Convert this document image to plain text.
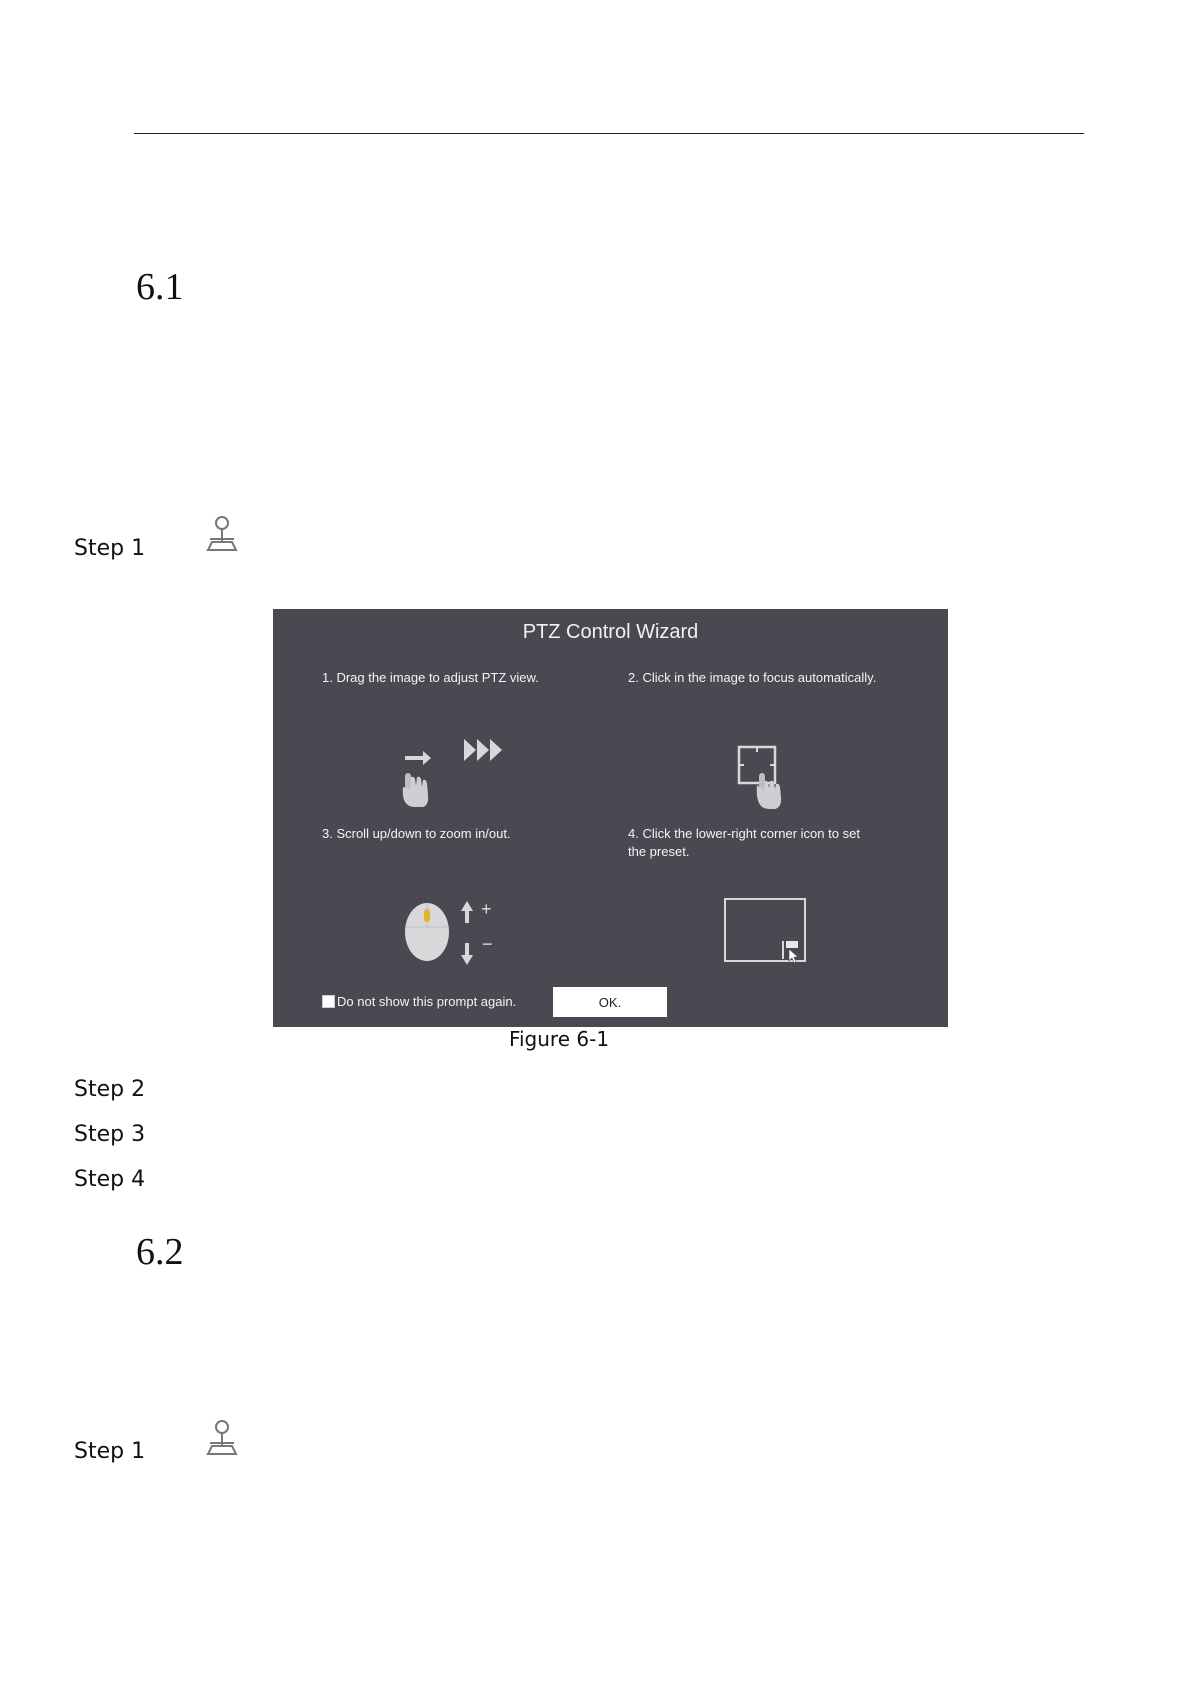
6.1
Step 1
PTZ Control Wizard
1. Drag the image to adjust PTZ view.	2. Click in the image to focus automatically.
3. Scroll up/down to zoom in/out.	4. Click the lower-right corner icon to set
the preset.
+
−
Do not show this prompt again.	OK.
Figure 6-1
Step 2
Step 3
Step 4
6.2
Step 1
